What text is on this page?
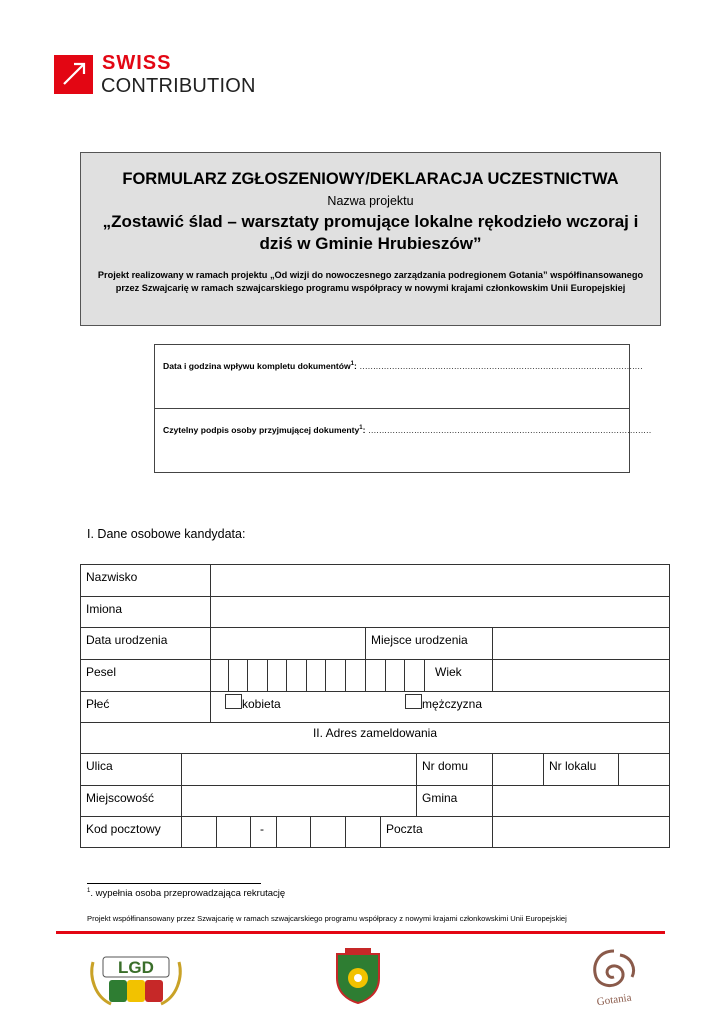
SWISS
CONTRIBUTION
FORMULARZ ZGŁOSZENIOWY/DEKLARACJA UCZESTNICTWA
Nazwa projektu
„Zostawić ślad – warsztaty promujące lokalne rękodzieło wczoraj i dziś w Gminie Hrubieszów”
Projekt realizowany w ramach projektu „Od wizji do nowoczesnego zarządzania podregionem Gotania” współfinansowanego przez Szwajcarię w ramach szwajcarskiego programu współpracy w nowymi krajami członkowskim Unii Europejskiej
Data i godzina wpływu kompletu dokumentów$^1$: ……………………………………………………………………………………………
Czytelny podpis osoby przyjmującej dokumenty$^1$: ……………………………………………………………………………………………
I. Dane osobowe kandydata:
Nazwisko
Imiona
Data urodzenia	Miejsce urodzenia
Pesel	Wiek
Płeć	kobieta	mężczyzna
II. Adres zameldowania
Ulica	Nr domu	Nr lokalu
Miejscowość	Gmina
Kod pocztowy	-	Poczta
$^1$. wypełnia osoba przeprowadzająca rekrutację
Projekt współfinansowany przez Szwajcarię w ramach szwajcarskiego programu współpracy z nowymi krajami członkowskimi Unii Europejskiej
LGD
Gotania
